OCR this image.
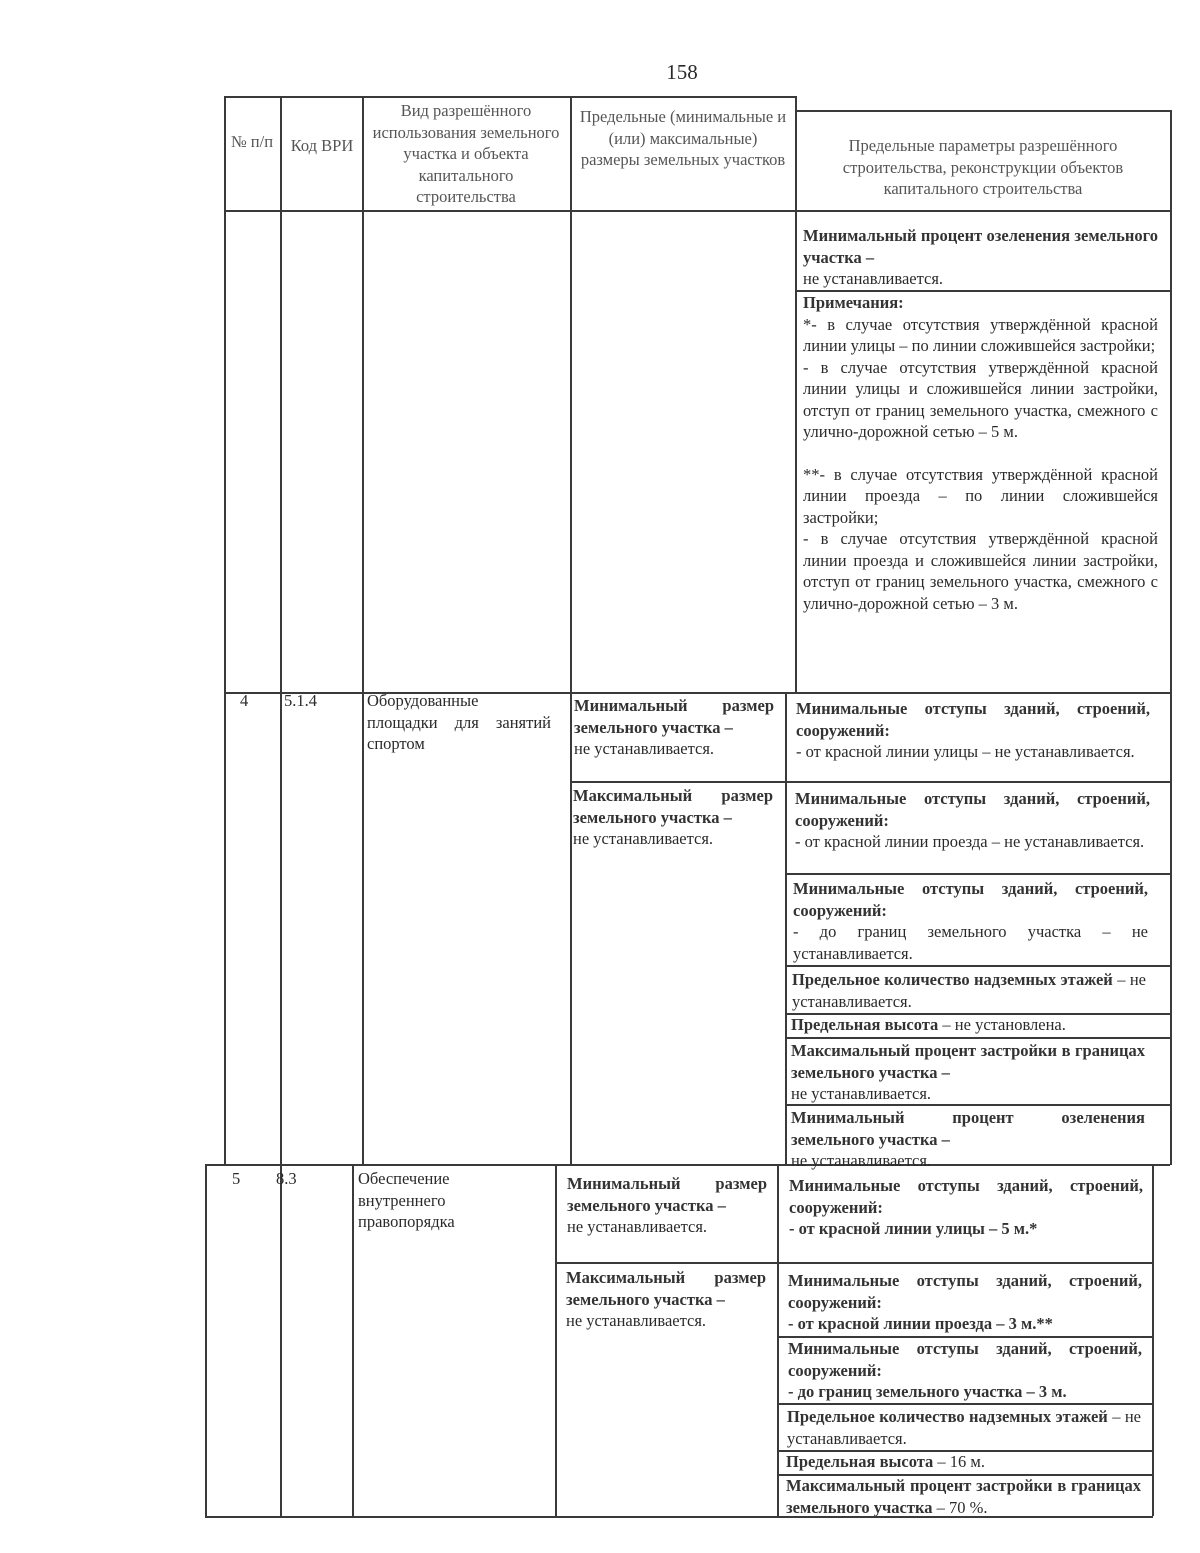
158
№ п/п Код ВРИ
Вид разрешённого использования земельного участка и объекта капитального строительства
Предельные (минимальные и (или) максимальные) размеры земельных участков
Предельные параметры разрешённого строительства, реконструкции объектов капитального строительства
Минимальный процент озеленения земельного участка –
не устанавливается.
Примечания:
*- в случае отсутствия утверждённой красной линии улицы – по линии сложившейся застройки;
- в случае отсутствия утверждённой красной линии улицы и сложившейся линии застройки, отступ от границ земельного участка, смежного с улично-дорожной сетью – 5 м.
**- в случае отсутствия утверждённой красной линии проезда – по линии сложившейся застройки;
- в случае отсутствия утверждённой красной линии проезда и сложившейся линии застройки, отступ от границ земельного участка, смежного с улично-дорожной сетью – 3 м.
4 5.1.4	Оборудованные площадки для занятий спортом
Минимальный размер земельного участка –
не устанавливается.
Максимальный размер земельного участка –
не устанавливается.
Минимальные отступы зданий, строений, сооружений:
- от красной линии улицы – не устанавливается.
Минимальные отступы зданий, строений, сооружений:
- от красной линии проезда – не устанавливается.
Минимальные отступы зданий, строений, сооружений:
- до границ земельного участка – не устанавливается.
Предельное количество надземных этажей – не устанавливается.
Предельная высота – не установлена.
Максимальный процент застройки в границах земельного участка –
не устанавливается.
Минимальный процент озеленения земельного участка –
не устанавливается.
5 8.3	Обеспечение внутреннего правопорядка
Минимальный размер земельного участка –
не устанавливается.
Максимальный размер земельного участка –
не устанавливается.
Минимальные отступы зданий, строений, сооружений:
- от красной линии улицы – 5 м.*
Минимальные отступы зданий, строений, сооружений:
- от красной линии проезда – 3 м.**
Минимальные отступы зданий, строений, сооружений:
- до границ земельного участка – 3 м.
Предельное количество надземных этажей – не устанавливается.
Предельная высота – 16 м.
Максимальный процент застройки в границах земельного участка – 70 %.
